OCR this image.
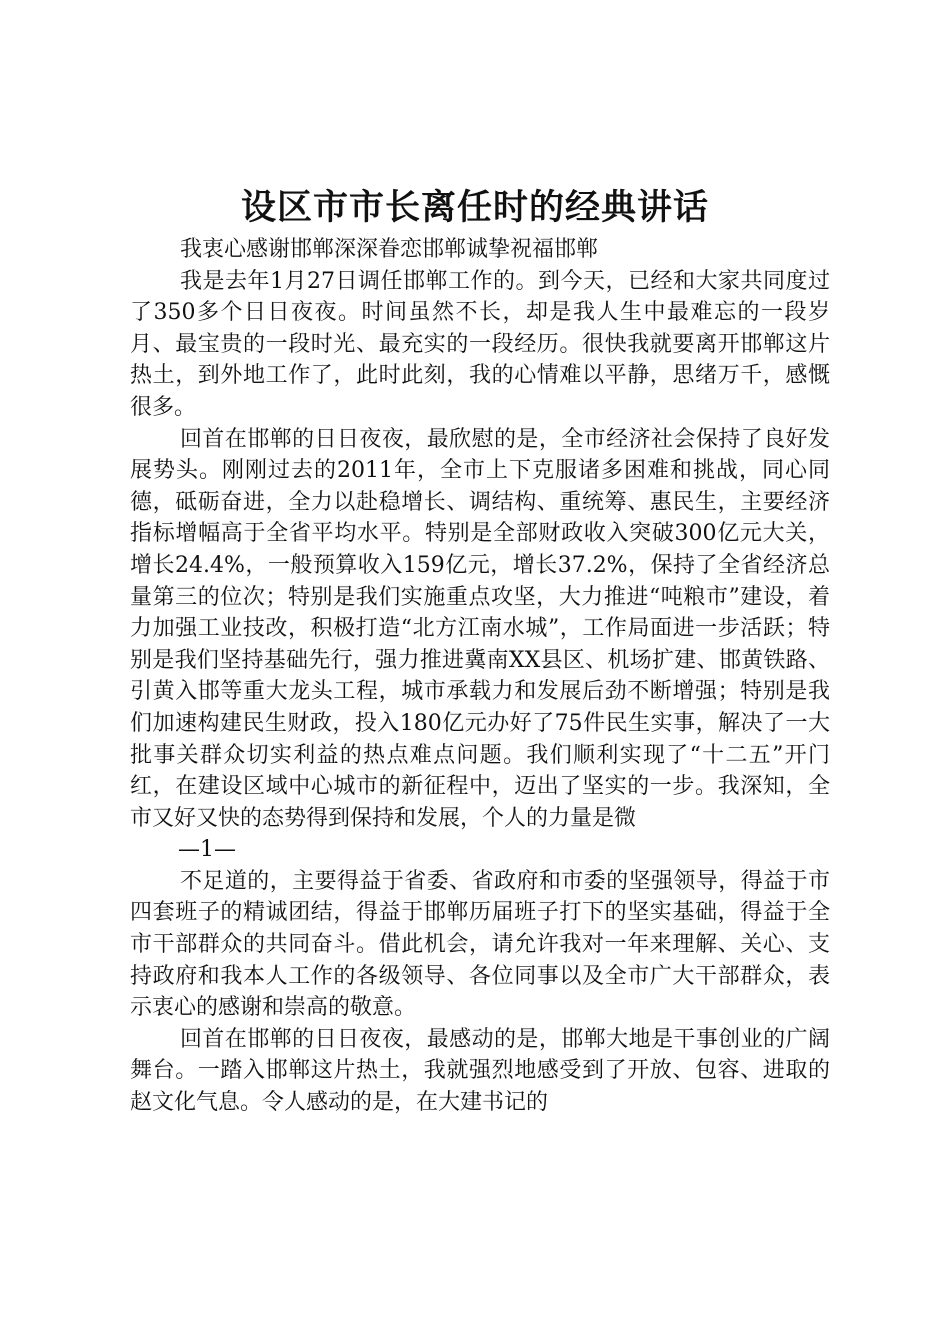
设区市市长离任时的经典讲话

我衷心感谢邯郸深深眷恋邯郸诚挚祝福邯郸

我是去年1月27日调任邯郸工作的。到今天，已经和大家共同度过了350多个日日夜夜。时间虽然不长，却是我人生中最难忘的一段岁月、最宝贵的一段时光、最充实的一段经历。很快我就要离开邯郸这片热土，到外地工作了，此时此刻，我的心情难以平静，思绪万千，感慨很多。

回首在邯郸的日日夜夜，最欣慰的是，全市经济社会保持了良好发展势头。刚刚过去的2011年，全市上下克服诸多困难和挑战，同心同德，砥砺奋进，全力以赴稳增长、调结构、重统筹、惠民生，主要经济指标增幅高于全省平均水平。特别是全部财政收入突破300亿元大关，增长24.4%，一般预算收入159亿元，增长37.2%，保持了全省经济总量第三的位次；特别是我们实施重点攻坚，大力推进“吨粮市”建设，着力加强工业技改，积极打造“北方江南水城”，工作局面进一步活跃；特别是我们坚持基础先行，强力推进冀南XX县区、机场扩建、邯黄铁路、引黄入邯等重大龙头工程，城市承载力和发展后劲不断增强；特别是我们加速构建民生财政，投入180亿元办好了75件民生实事，解决了一大批事关群众切实利益的热点难点问题。我们顺利实现了“十二五”开门红，在建设区域中心城市的新征程中，迈出了坚实的一步。我深知，全市又好又快的态势得到保持和发展，个人的力量是微

—1—

不足道的，主要得益于省委、省政府和市委的坚强领导，得益于市四套班子的精诚团结，得益于邯郸历届班子打下的坚实基础，得益于全市干部群众的共同奋斗。借此机会，请允许我对一年来理解、关心、支持政府和我本人工作的各级领导、各位同事以及全市广大干部群众，表示衷心的感谢和崇高的敬意。

回首在邯郸的日日夜夜，最感动的是，邯郸大地是干事创业的广阔舞台。一踏入邯郸这片热土，我就强烈地感受到了开放、包容、进取的赵文化气息。令人感动的是，在大建书记的
